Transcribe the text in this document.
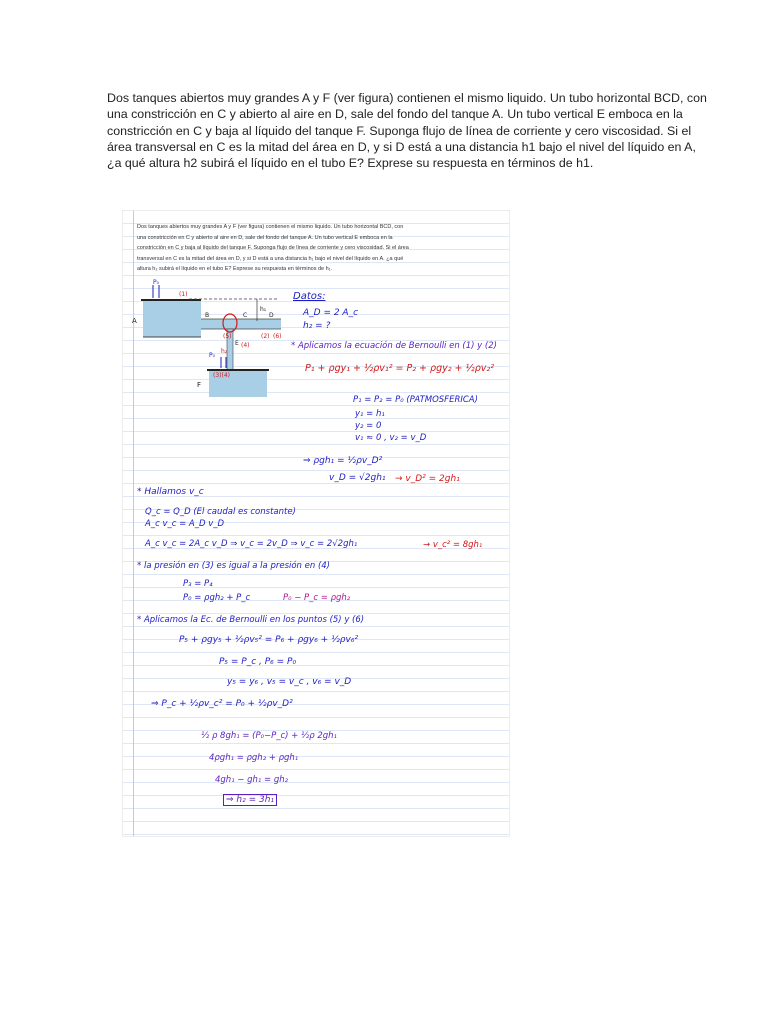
Dos tanques abiertos muy grandes A y F (ver figura) contienen el mismo liquido. Un tubo horizontal BCD, con
una constricción en C y abierto al aire en D, sale del fondo del tanque A. Un tubo vertical E emboca en la
constricción en C y baja al líquido del tanque F. Suponga flujo de línea de corriente y cero viscosidad. Si el
área transversal en C es la mitad del área en D, y si D está a una distancia h1 bajo el nivel del líquido en A,
¿a qué altura h2 subirá el líquido en el tubo E? Exprese su respuesta en términos de h1.
Dos tanques abiertos muy grandes A y F (ver figura) contienen el mismo liquido. Un tubo horizontal BCD, con
una constricción en C y abierto al aire en D, sale del fondo del tanque A. Un tubo vertical E emboca en la
constricción en C y baja al líquido del tanque F. Suponga flujo de línea de corriente y cero viscosidad. Si el área
transversal en C es la mitad del área en D, y si D está a una distancia h₁ bajo el nivel del líquido en A. ¿a qué
altura h₂ subirá el líquido en el tubo E? Exprese su respuesta en términos de h₁.
A
F
B	C	D
E
h₁
h₂
P₀
P₀
(1)
(2)
(5)	(6)
(3)(4)
(4)
Datos:
A_D = 2 A_c
h₂ = ?
* Aplicamos la ecuación de Bernoulli en (1) y (2)
P₁ + ρgy₁ + ½ρv₁² = P₂ + ρgy₂ + ½ρv₂²
P₁ = P₂ = P₀ (PATMOSFERICA)
y₁ = h₁
y₂ = 0
v₁ ≈ 0 , v₂ = v_D
⇒ ρgh₁ = ½ρv_D²
v_D = √2gh₁ → v_D² = 2gh₁
* Hallamos v_c
Q_c = Q_D (El caudal es constante)
A_c v_c = A_D v_D
A_c v_c = 2A_c v_D ⇒ v_c = 2v_D ⇒ v_c = 2√2gh₁	→ v_c² = 8gh₁
* la presión en (3) es igual a la presión en (4)
P₃ = P₄
P₀ = ρgh₂ + P_c	P₀ − P_c = ρgh₂
* Aplicamos la Ec. de Bernoulli en los puntos (5) y (6)
P₅ + ρgy₅ + ½ρv₅² = P₆ + ρgy₆ + ½ρv₆²
P₅ = P_c , P₆ = P₀
y₅ = y₆ , v₅ = v_c , v₆ = v_D
⇒ P_c + ½ρv_c² = P₀ + ½ρv_D²
½ ρ 8gh₁ = (P₀−P_c) + ½ρ 2gh₁
4ρgh₁ = ρgh₂ + ρgh₁
4gh₁ − gh₁ = gh₂
⇒ h₂ = 3h₁
